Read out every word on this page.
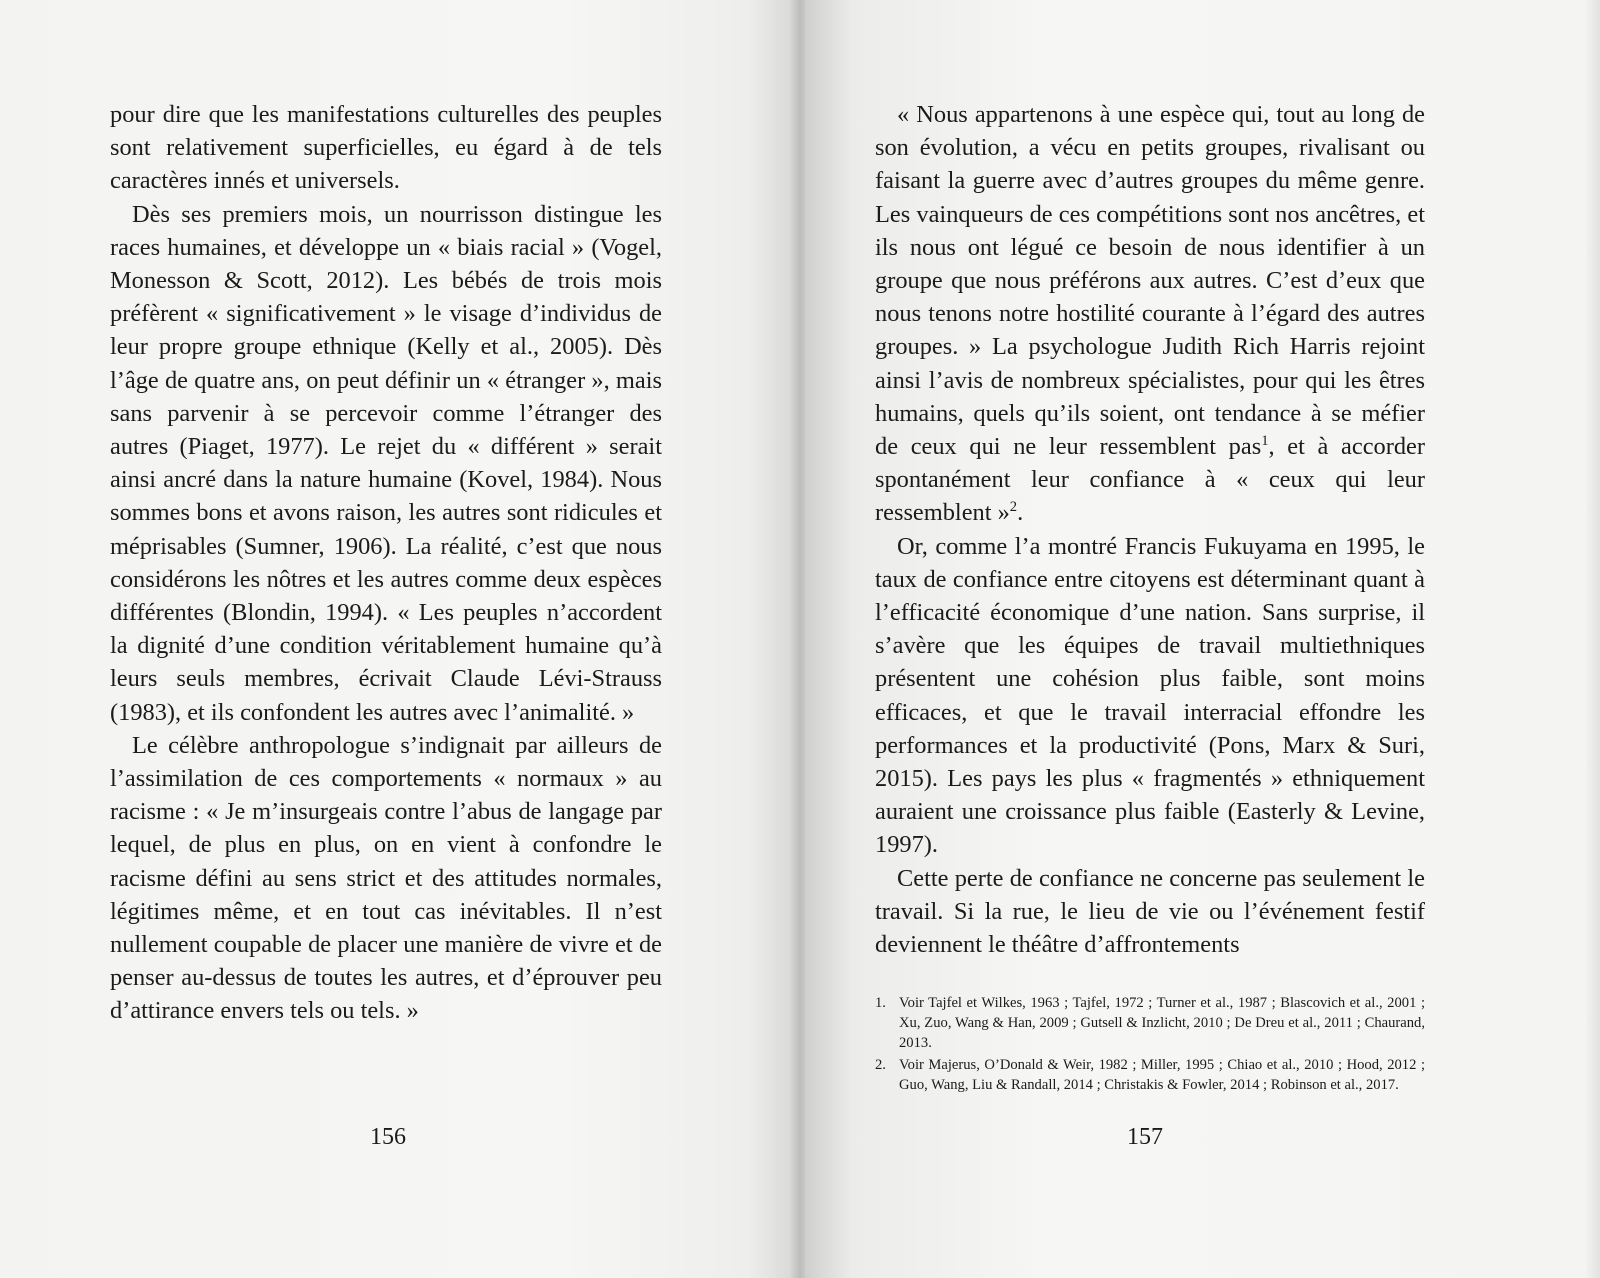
pour dire que les manifestations culturelles des peuples sont relativement superficielles, eu égard à de tels caractères innés et universels.

Dès ses premiers mois, un nourrisson distingue les races humaines, et développe un « biais racial » (Vogel, Monesson & Scott, 2012). Les bébés de trois mois préfèrent « significativement » le visage d’individus de leur propre groupe ethnique (Kelly et al., 2005). Dès l’âge de quatre ans, on peut définir un « étranger », mais sans parvenir à se percevoir comme l’étranger des autres (Piaget, 1977). Le rejet du « différent » serait ainsi ancré dans la nature humaine (Kovel, 1984). Nous sommes bons et avons raison, les autres sont ridicules et méprisables (Sumner, 1906). La réalité, c’est que nous considérons les nôtres et les autres comme deux espèces différentes (Blondin, 1994). « Les peuples n’accordent la dignité d’une condition véritablement humaine qu’à leurs seuls membres, écrivait Claude Lévi-Strauss (1983), et ils confondent les autres avec l’animalité. »

Le célèbre anthropologue s’indignait par ailleurs de l’assimilation de ces comportements « normaux » au racisme : « Je m’insurgeais contre l’abus de langage par lequel, de plus en plus, on en vient à confondre le racisme défini au sens strict et des attitudes normales, légitimes même, et en tout cas inévitables. Il n’est nullement coupable de placer une manière de vivre et de penser au-dessus de toutes les autres, et d’éprouver peu d’attirance envers tels ou tels. »

156

« Nous appartenons à une espèce qui, tout au long de son évolution, a vécu en petits groupes, rivalisant ou faisant la guerre avec d’autres groupes du même genre. Les vainqueurs de ces compétitions sont nos ancêtres, et ils nous ont légué ce besoin de nous identifier à un groupe que nous préférons aux autres. C’est d’eux que nous tenons notre hostilité courante à l’égard des autres groupes. » La psychologue Judith Rich Harris rejoint ainsi l’avis de nombreux spécialistes, pour qui les êtres humains, quels qu’ils soient, ont tendance à se méfier de ceux qui ne leur ressemblent pas$^1$, et à accorder spontanément leur confiance à « ceux qui leur ressemblent »$^2$.

Or, comme l’a montré Francis Fukuyama en 1995, le taux de confiance entre citoyens est déterminant quant à l’efficacité économique d’une nation. Sans surprise, il s’avère que les équipes de travail multiethniques présentent une cohésion plus faible, sont moins efficaces, et que le travail interracial effondre les performances et la productivité (Pons, Marx & Suri, 2015). Les pays les plus « fragmentés » ethniquement auraient une croissance plus faible (Easterly & Levine, 1997).

Cette perte de confiance ne concerne pas seulement le travail. Si la rue, le lieu de vie ou l’événement festif deviennent le théâtre d’affrontements

1. Voir Tajfel et Wilkes, 1963 ; Tajfel, 1972 ; Turner et al., 1987 ; Blascovich et al., 2001 ; Xu, Zuo, Wang & Han, 2009 ; Gutsell & Inzlicht, 2010 ; De Dreu et al., 2011 ; Chaurand, 2013.
2. Voir Majerus, O’Donald & Weir, 1982 ; Miller, 1995 ; Chiao et al., 2010 ; Hood, 2012 ; Guo, Wang, Liu & Randall, 2014 ; Christakis & Fowler, 2014 ; Robinson et al., 2017.
157
